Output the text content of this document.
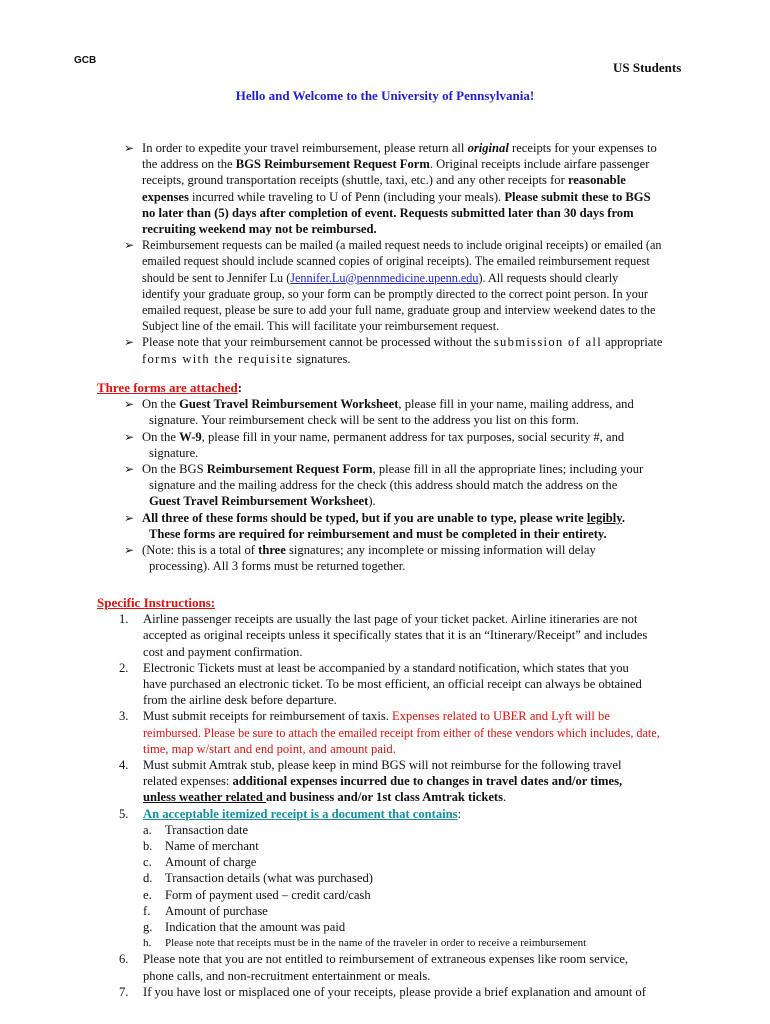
GCB	US Students
Hello and Welcome to the University of Pennsylvania!
➢ In order to expedite your travel reimbursement, please return all original receipts for your expenses to
the address on the BGS Reimbursement Request Form. Original receipts include airfare passenger
receipts, ground transportation receipts (shuttle, taxi, etc.) and any other receipts for reasonable
expenses incurred while traveling to U of Penn (including your meals). Please submit these to BGS
no later than (5) days after completion of event. Requests submitted later than 30 days from
recruiting weekend may not be reimbursed.
➢ Reimbursement requests can be mailed (a mailed request needs to include original receipts) or emailed (an
emailed request should include scanned copies of original receipts). The emailed reimbursement request
should be sent to Jennifer Lu (Jennifer.Lu@pennmedicine.upenn.edu). All requests should clearly
identify your graduate group, so your form can be promptly directed to the correct point person. In your
emailed request, please be sure to add your full name, graduate group and interview weekend dates to the
Subject line of the email. This will facilitate your reimbursement request.
➢ Please note that your reimbursement cannot be processed without the submission of all appropriate
forms with the requisite signatures.
Three forms are attached:
➢ On the Guest Travel Reimbursement Worksheet, please fill in your name, mailing address, and
signature. Your reimbursement check will be sent to the address you list on this form.
➢ On the W-9, please fill in your name, permanent address for tax purposes, social security #, and
signature.
➢ On the BGS Reimbursement Request Form, please fill in all the appropriate lines; including your
signature and the mailing address for the check (this address should match the address on the
Guest Travel Reimbursement Worksheet).
➢ All three of these forms should be typed, but if you are unable to type, please write legibly.
These forms are required for reimbursement and must be completed in their entirety.
➢ (Note: this is a total of three signatures; any incomplete or missing information will delay
processing). All 3 forms must be returned together.
Specific Instructions:
1. Airline passenger receipts are usually the last page of your ticket packet. Airline itineraries are not
accepted as original receipts unless it specifically states that it is an “Itinerary/Receipt” and includes
cost and payment confirmation.
2. Electronic Tickets must at least be accompanied by a standard notification, which states that you
have purchased an electronic ticket. To be most efficient, an official receipt can always be obtained
from the airline desk before departure.
3. Must submit receipts for reimbursement of taxis. Expenses related to UBER and Lyft will be
reimbursed. Please be sure to attach the emailed receipt from either of these vendors which includes, date,
time, map w/start and end point, and amount paid.
4. Must submit Amtrak stub, please keep in mind BGS will not reimburse for the following travel
related expenses: additional expenses incurred due to changes in travel dates and/or times,
unless weather related and business and/or 1st class Amtrak tickets.
5. An acceptable itemized receipt is a document that contains:
a. Transaction date
b. Name of merchant
c. Amount of charge
d. Transaction details (what was purchased)
e. Form of payment used – credit card/cash
f. Amount of purchase
g. Indication that the amount was paid
h. Please note that receipts must be in the name of the traveler in order to receive a reimbursement
6. Please note that you are not entitled to reimbursement of extraneous expenses like room service,
phone calls, and non-recruitment entertainment or meals.
7. If you have lost or misplaced one of your receipts, please provide a brief explanation and amount of
